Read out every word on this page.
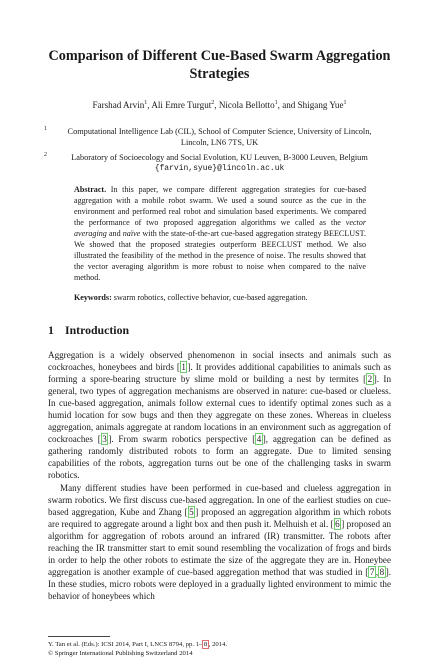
Comparison of Different Cue-Based Swarm Aggregation
Strategies
Farshad Arvin$^1$, Ali Emre Turgut$^2$, Nicola Bellotto$^1$, and Shigang Yue$^1$
1	Computational Intelligence Lab (CIL), School of Computer Science, University of Lincoln,
Lincoln, LN6 7TS, UK
2	Laboratory of Socioecology and Social Evolution, KU Leuven, B-3000 Leuven, Belgium
{farvin,syue}@lincoln.ac.uk
Abstract. In this paper, we compare different aggregation strategies for cue-based aggregation with a mobile robot swarm. We used a sound source as the cue in the environment and performed real robot and simulation based experiments. We compared the performance of two proposed aggregation algorithms we called as the vector averaging and naïve with the state-of-the-art cue-based aggregation strategy BEECLUST. We showed that the proposed strategies outperform BEECLUST method. We also illustrated the feasibility of the method in the presence of noise. The results showed that the vector averaging algorithm is more robust to noise when compared to the naïve method.
Keywords: swarm robotics, collective behavior, cue-based aggregation.
1 Introduction

Aggregation is a widely observed phenomenon in social insects and animals such as cockroaches, honeybees and birds [ 1 ]. It provides additional capabilities to animals such as forming a spore-bearing structure by slime mold or building a nest by termites [ 2 ]. In general, two types of aggregation mechanisms are observed in nature: cue-based or clueless. In cue-based aggregation, animals follow external cues to identify optimal zones such as a humid location for sow bugs and then they aggregate on these zones. Whereas in clueless aggregation, animals aggregate at random locations in an environment such as aggregation of cockroaches [ 3 ]. From swarm robotics perspective [ 4 ], aggregation can be defined as gathering randomly distributed robots to form an aggregate. Due to limited sensing capabilities of the robots, aggregation turns out be one of the challenging tasks in swarm robotics.

Many different studies have been performed in cue-based and clueless aggregation in swarm robotics. We first discuss cue-based aggregation. In one of the earliest studies on cue-based aggregation, Kube and Zhang [ 5 ] proposed an aggregation algorithm in which robots are required to aggregate around a light box and then push it. Melhuish et al. [ 6 ] proposed an algorithm for aggregation of robots around an infrared (IR) transmitter. The robots after reaching the IR transmitter start to emit sound resembling the vocalization of frogs and birds in order to help the other robots to estimate the size of the aggregate they are in. Honeybee aggregation is another example of cue-based aggregation method that was studied in [ 7 , 8 ]. In these studies, micro robots were deployed in a gradually lighted environment to mimic the behavior of honeybees which

Y. Tan et al. (Eds.): ICSI 2014, Part I, LNCS 8794, pp. 1– 8 , 2014.
© Springer International Publishing Switzerland 2014
